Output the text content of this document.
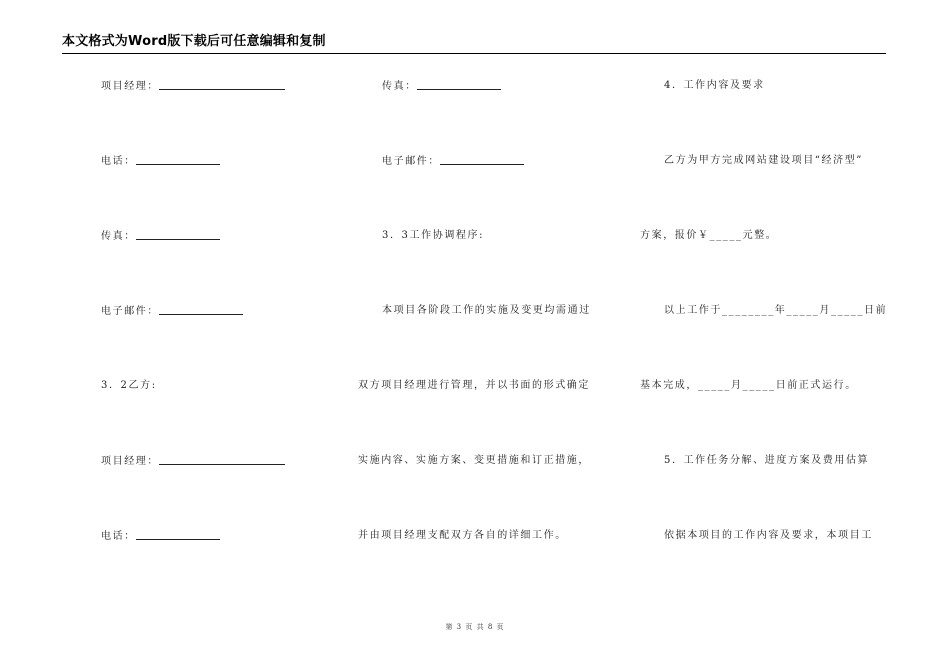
本文格式为Word版下载后可任意编辑和复制
项目经理：
电话：
传真：
电子邮件：
3．2乙方:
项目经理：
电话：
传真：
电子邮件：
3．3工作协调程序:
本项目各阶段工作的实施及变更均需通过
双方项目经理进行管理，并以书面的形式确定
实施内容、实施方案、变更措施和订正措施，
并由项目经理支配双方各自的详细工作。
4．工作内容及要求
乙方为甲方完成网站建设项目“经济型”
方案，报价￥_____元整。
以上工作于________年_____月_____日前
基本完成，_____月_____日前正式运行。
5．工作任务分解、进度方案及费用估算
依据本项目的工作内容及要求，本项目工
第 3 页 共 8 页
